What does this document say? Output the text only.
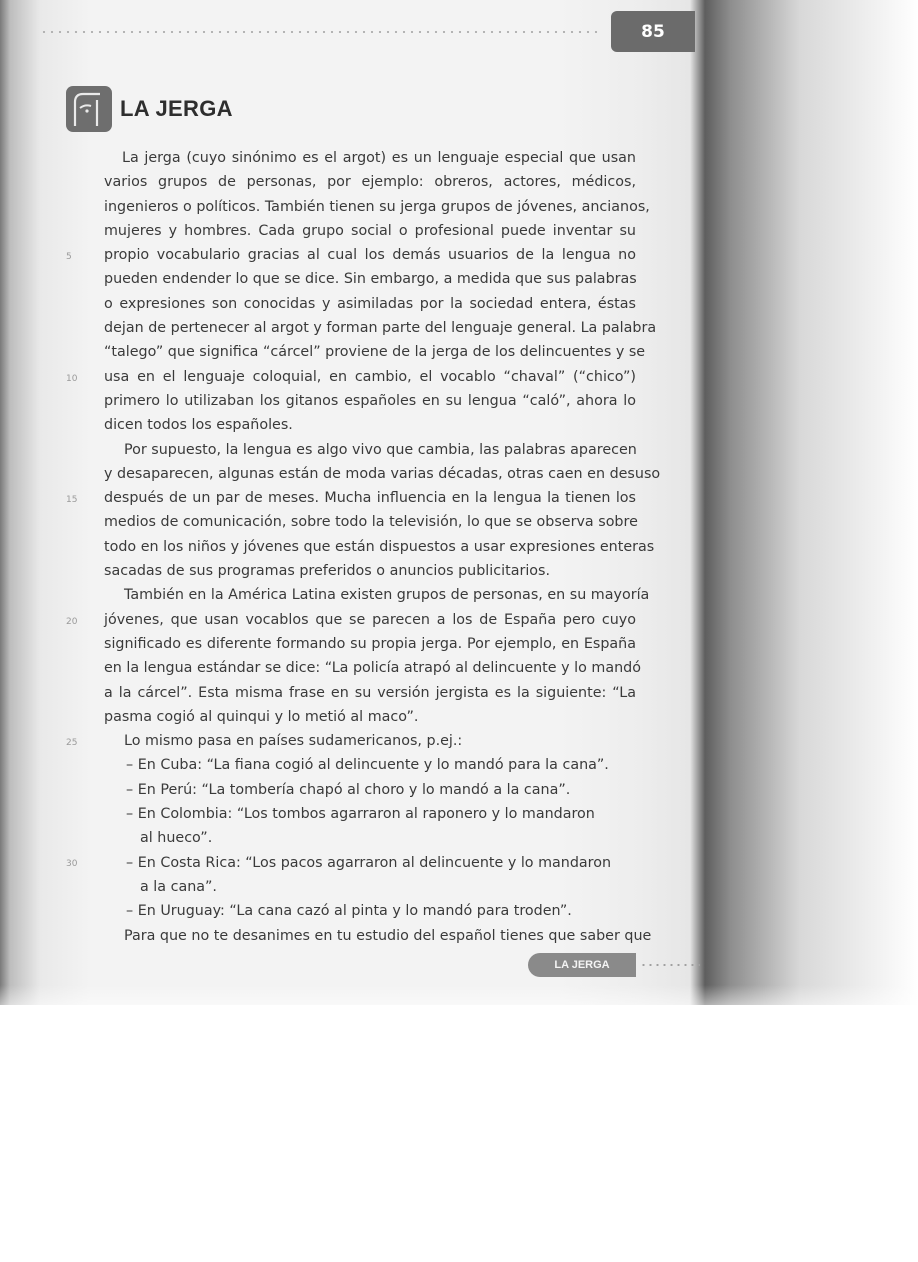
85
LA JERGA
5
10
15
20
25
30
La jerga (cuyo sinónimo es el argot) es un lenguaje especial que usan
varios grupos de personas, por ejemplo: obreros, actores, médicos,
ingenieros o políticos. También tienen su jerga grupos de jóvenes, ancianos,
mujeres y hombres. Cada grupo social o profesional puede inventar su
propio vocabulario gracias al cual los demás usuarios de la lengua no
pueden endender lo que se dice. Sin embargo, a medida que sus palabras
o expresiones son conocidas y asimiladas por la sociedad entera, éstas
dejan de pertenecer al argot y forman parte del lenguaje general. La palabra
“talego” que significa “cárcel” proviene de la jerga de los delincuentes y se
usa en el lenguaje coloquial, en cambio, el vocablo “chaval” (“chico”)
primero lo utilizaban los gitanos españoles en su lengua “caló”, ahora lo
dicen todos los españoles.
Por supuesto, la lengua es algo vivo que cambia, las palabras aparecen
y desaparecen, algunas están de moda varias décadas, otras caen en desuso
después de un par de meses. Mucha influencia en la lengua la tienen los
medios de comunicación, sobre todo la televisión, lo que se observa sobre
todo en los niños y jóvenes que están dispuestos a usar expresiones enteras
sacadas de sus programas preferidos o anuncios publicitarios.
También en la América Latina existen grupos de personas, en su mayoría
jóvenes, que usan vocablos que se parecen a los de España pero cuyo
significado es diferente formando su propia jerga. Por ejemplo, en España
en la lengua estándar se dice: “La policía atrapó al delincuente y lo mandó
a la cárcel”. Esta misma frase en su versión jergista es la siguiente: “La
pasma cogió al quinqui y lo metió al maco”.
Lo mismo pasa en países sudamericanos, p.ej.:
– En Cuba: “La fiana cogió al delincuente y lo mandó para la cana”.
– En Perú: “La tombería chapó al choro y lo mandó a la cana”.
– En Colombia: “Los tombos agarraron al raponero y lo mandaron
al hueco”.
– En Costa Rica: “Los pacos agarraron al delincuente y lo mandaron
a la cana”.
– En Uruguay: “La cana cazó al pinta y lo mandó para troden”.
Para que no te desanimes en tu estudio del español tienes que saber que
LA JERGA
